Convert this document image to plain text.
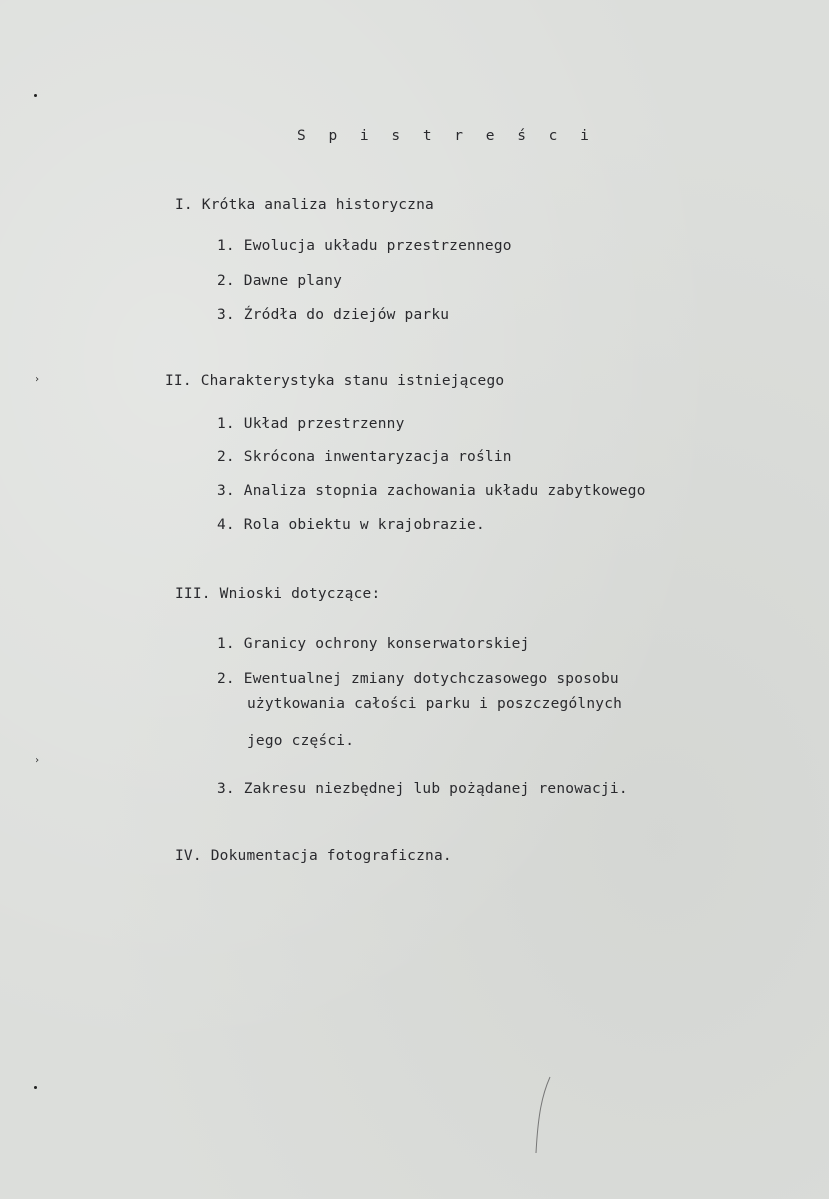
›
›
S p i s t r e ś c i
I. Krótka analiza historyczna
1. Ewolucja układu przestrzennego
2. Dawne plany
3. Źródła do dziejów parku
II. Charakterystyka stanu istniejącego
1. Układ przestrzenny
2. Skrócona inwentaryzacja roślin
3. Analiza stopnia zachowania układu zabytkowego
4. Rola obiektu w krajobrazie.
III. Wnioski dotyczące:
1. Granicy ochrony konserwatorskiej
2. Ewentualnej zmiany dotychczasowego sposobu
użytkowania całości parku i poszczególnych
jego części.
3. Zakresu niezbędnej lub pożądanej renowacji.
IV. Dokumentacja fotograficzna.
